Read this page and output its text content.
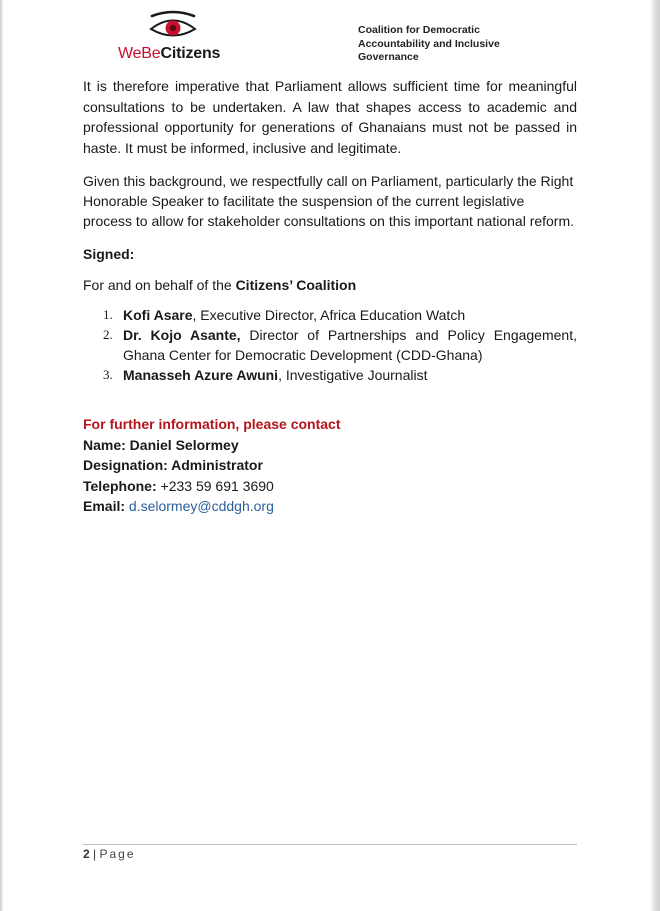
WeBeCitizens
Coalition for Democratic
Accountability and Inclusive
Governance

It is therefore imperative that Parliament allows sufficient time for meaningful consultations to be undertaken. A law that shapes access to academic and professional opportunity for generations of Ghanaians must not be passed in haste. It must be informed, inclusive and legitimate.

Given this background, we respectfully call on Parliament, particularly the Right Honorable Speaker to facilitate the suspension of the current legislative process to allow for stakeholder consultations on this important national reform.

Signed:

For and on behalf of the Citizens’ Coalition

1. Kofi Asare, Executive Director, Africa Education Watch
2. Dr. Kojo Asante, Director of Partnerships and Policy Engagement, Ghana Center for Democratic Development (CDD-Ghana)
3. Manasseh Azure Awuni, Investigative Journalist

For further information, please contact

Name: Daniel Selormey

Designation: Administrator

Telephone: +233 59 691 3690

Email: d.selormey@cddgh.org

2 | Page
